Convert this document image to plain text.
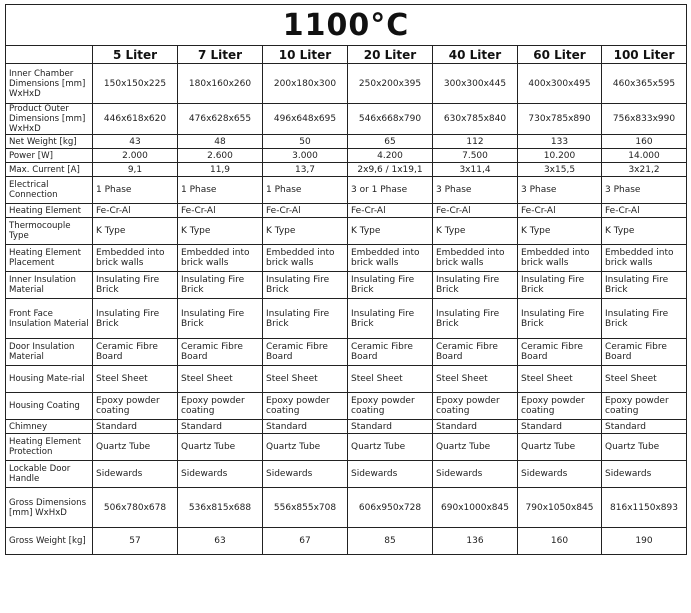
1100°C							
	5 Liter	7 Liter	10 Liter	20 Liter	40 Liter	60 Liter	100 Liter
Inner Chamber Dimensions [mm] WxHxD	150x150x225	180x160x260	200x180x300	250x200x395	300x300x445	400x300x495	460x365x595
Product Outer Dimensions [mm] WxHxD	446x618x620	476x628x655	496x648x695	546x668x790	630x785x840	730x785x890	756x833x990
Net Weight [kg]	43	48	50	65	112	133	160
Power [W]	2.000	2.600	3.000	4.200	7.500	10.200	14.000
Max. Current [A]	9,1	11,9	13,7	2x9,6 / 1x19,1	3x11,4	3x15,5	3x21,2
Electrical Connection	1 Phase	1 Phase	1 Phase	3 or 1 Phase	3 Phase	3 Phase	3 Phase
Heating Element	Fe-Cr-Al	Fe-Cr-Al	Fe-Cr-Al	Fe-Cr-Al	Fe-Cr-Al	Fe-Cr-Al	Fe-Cr-Al
Thermocouple Type	K Type	K Type	K Type	K Type	K Type	K Type	K Type
Heating Element Placement	Embedded into brick walls	Embedded into brick walls	Embedded into brick walls	Embedded into brick walls	Embedded into brick walls	Embedded into brick walls	Embedded into brick walls
Inner Insulation Material	Insulating Fire Brick	Insulating Fire Brick	Insulating Fire Brick	Insulating Fire Brick	Insulating Fire Brick	Insulating Fire Brick	Insulating Fire Brick
Front Face Insulation Material	Insulating Fire Brick	Insulating Fire Brick	Insulating Fire Brick	Insulating Fire Brick	Insulating Fire Brick	Insulating Fire Brick	Insulating Fire Brick
Door Insulation Material	Ceramic Fibre Board	Ceramic Fibre Board	Ceramic Fibre Board	Ceramic Fibre Board	Ceramic Fibre Board	Ceramic Fibre Board	Ceramic Fibre Board
Housing Mate-rial	Steel Sheet	Steel Sheet	Steel Sheet	Steel Sheet	Steel Sheet	Steel Sheet	Steel Sheet
Housing Coating	Epoxy powder coating	Epoxy powder coating	Epoxy powder coating	Epoxy powder coating	Epoxy powder coating	Epoxy powder coating	Epoxy powder coating
Chimney	Standard	Standard	Standard	Standard	Standard	Standard	Standard
Heating Element Protection	Quartz Tube	Quartz Tube	Quartz Tube	Quartz Tube	Quartz Tube	Quartz Tube	Quartz Tube
Lockable Door Handle	Sidewards	Sidewards	Sidewards	Sidewards	Sidewards	Sidewards	Sidewards
Gross Dimensions [mm] WxHxD	506x780x678	536x815x688	556x855x708	606x950x728	690x1000x845	790x1050x845	816x1150x893
Gross Weight [kg]	57	63	67	85	136	160	190
